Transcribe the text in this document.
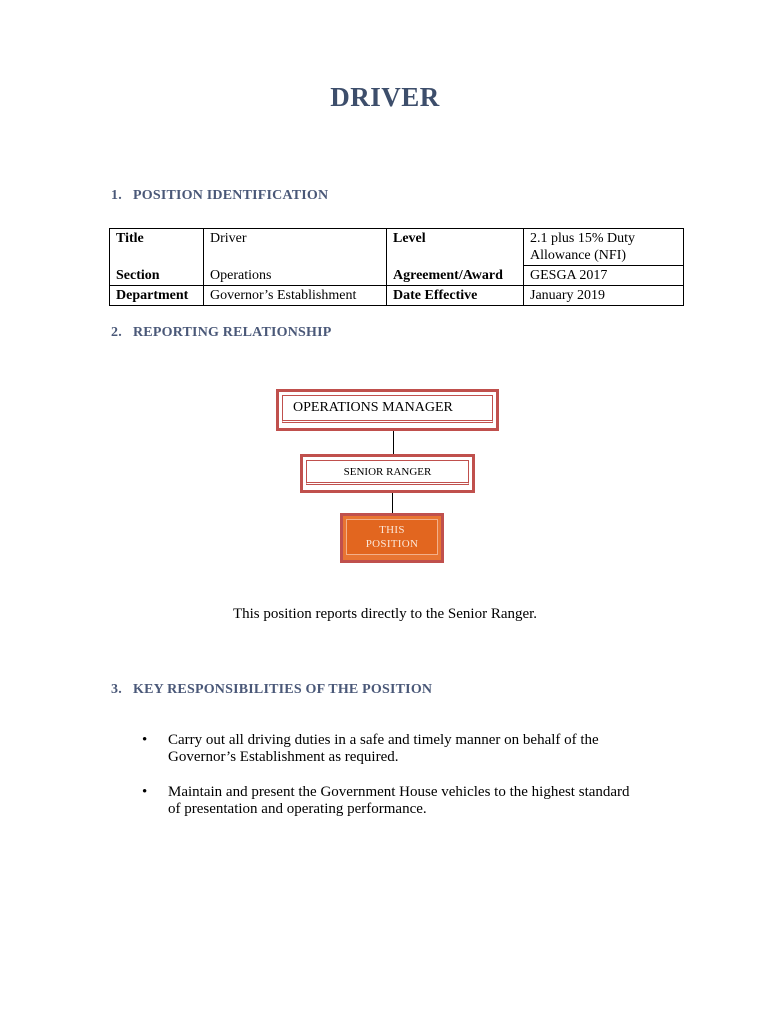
DRIVER
1. POSITION IDENTIFICATION
Title	Driver	Level	2.1 plus 15% Duty
Allowance (NFI)
Section	Operations	Agreement/Award	GESGA 2017
Department	Governor’s Establishment	Date Effective	January 2019
2. REPORTING RELATIONSHIP
OPERATIONS MANAGER
SENIOR RANGER
THIS
POSITION
This position reports directly to the Senior Ranger.
3. KEY RESPONSIBILITIES OF THE POSITION
• Carry out all driving duties in a safe and timely manner on behalf of the
Governor’s Establishment as required.
• Maintain and present the Government House vehicles to the highest standard
of presentation and operating performance.
